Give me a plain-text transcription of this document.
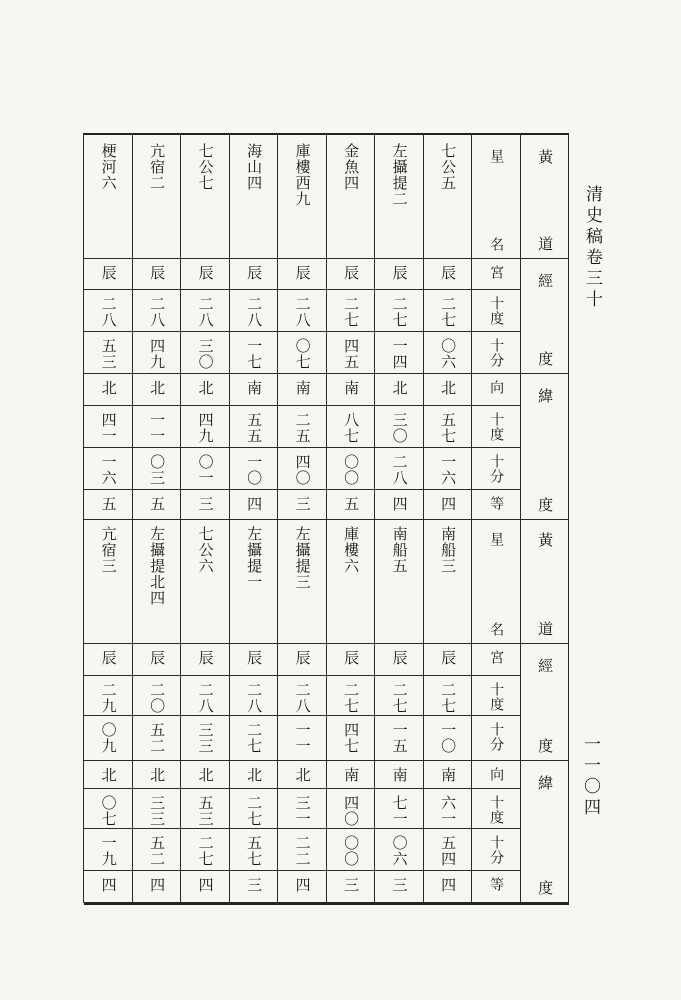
清史稿卷三十
一一〇四
七公五
辰
二七
〇六
北
五七
一六
四
左攝提二
辰
二七
一四
北
三〇
二八
四
金魚四
辰
二七
四五
南
八七
〇〇
五
庫樓西九
辰
二八
〇七
南
二五
四〇
三
海山四
辰
二八
一七
南
五五
一〇
四
七公七
辰
二八
三〇
北
四九
〇一
三
亢宿二
辰
二八
四九
北
一一
〇三
五
梗河六
辰
二八
五三
北
四一
一六
五
星
名
宮
十度
十分
向
十度
十分
等
黃
道
經
度
緯
度
南船三
辰
二七
一〇
南
六一
五四
四
南船五
辰
二七
一五
南
七一
〇六
三
庫樓六
辰
二七
四七
南
四〇
〇〇
三
左攝提三
辰
二八
一一
北
三一
二二
四
左攝提一
辰
二八
二七
北
二七
五七
三
七公六
辰
二八
三三
北
五三
二七
四
左攝提北四
辰
二〇
五二
北
三三
五二
四
亢宿三
辰
二九
〇九
北
〇七
一九
四
星
名
宮
十度
十分
向
十度
十分
等
黃
道
經
度
緯
度
